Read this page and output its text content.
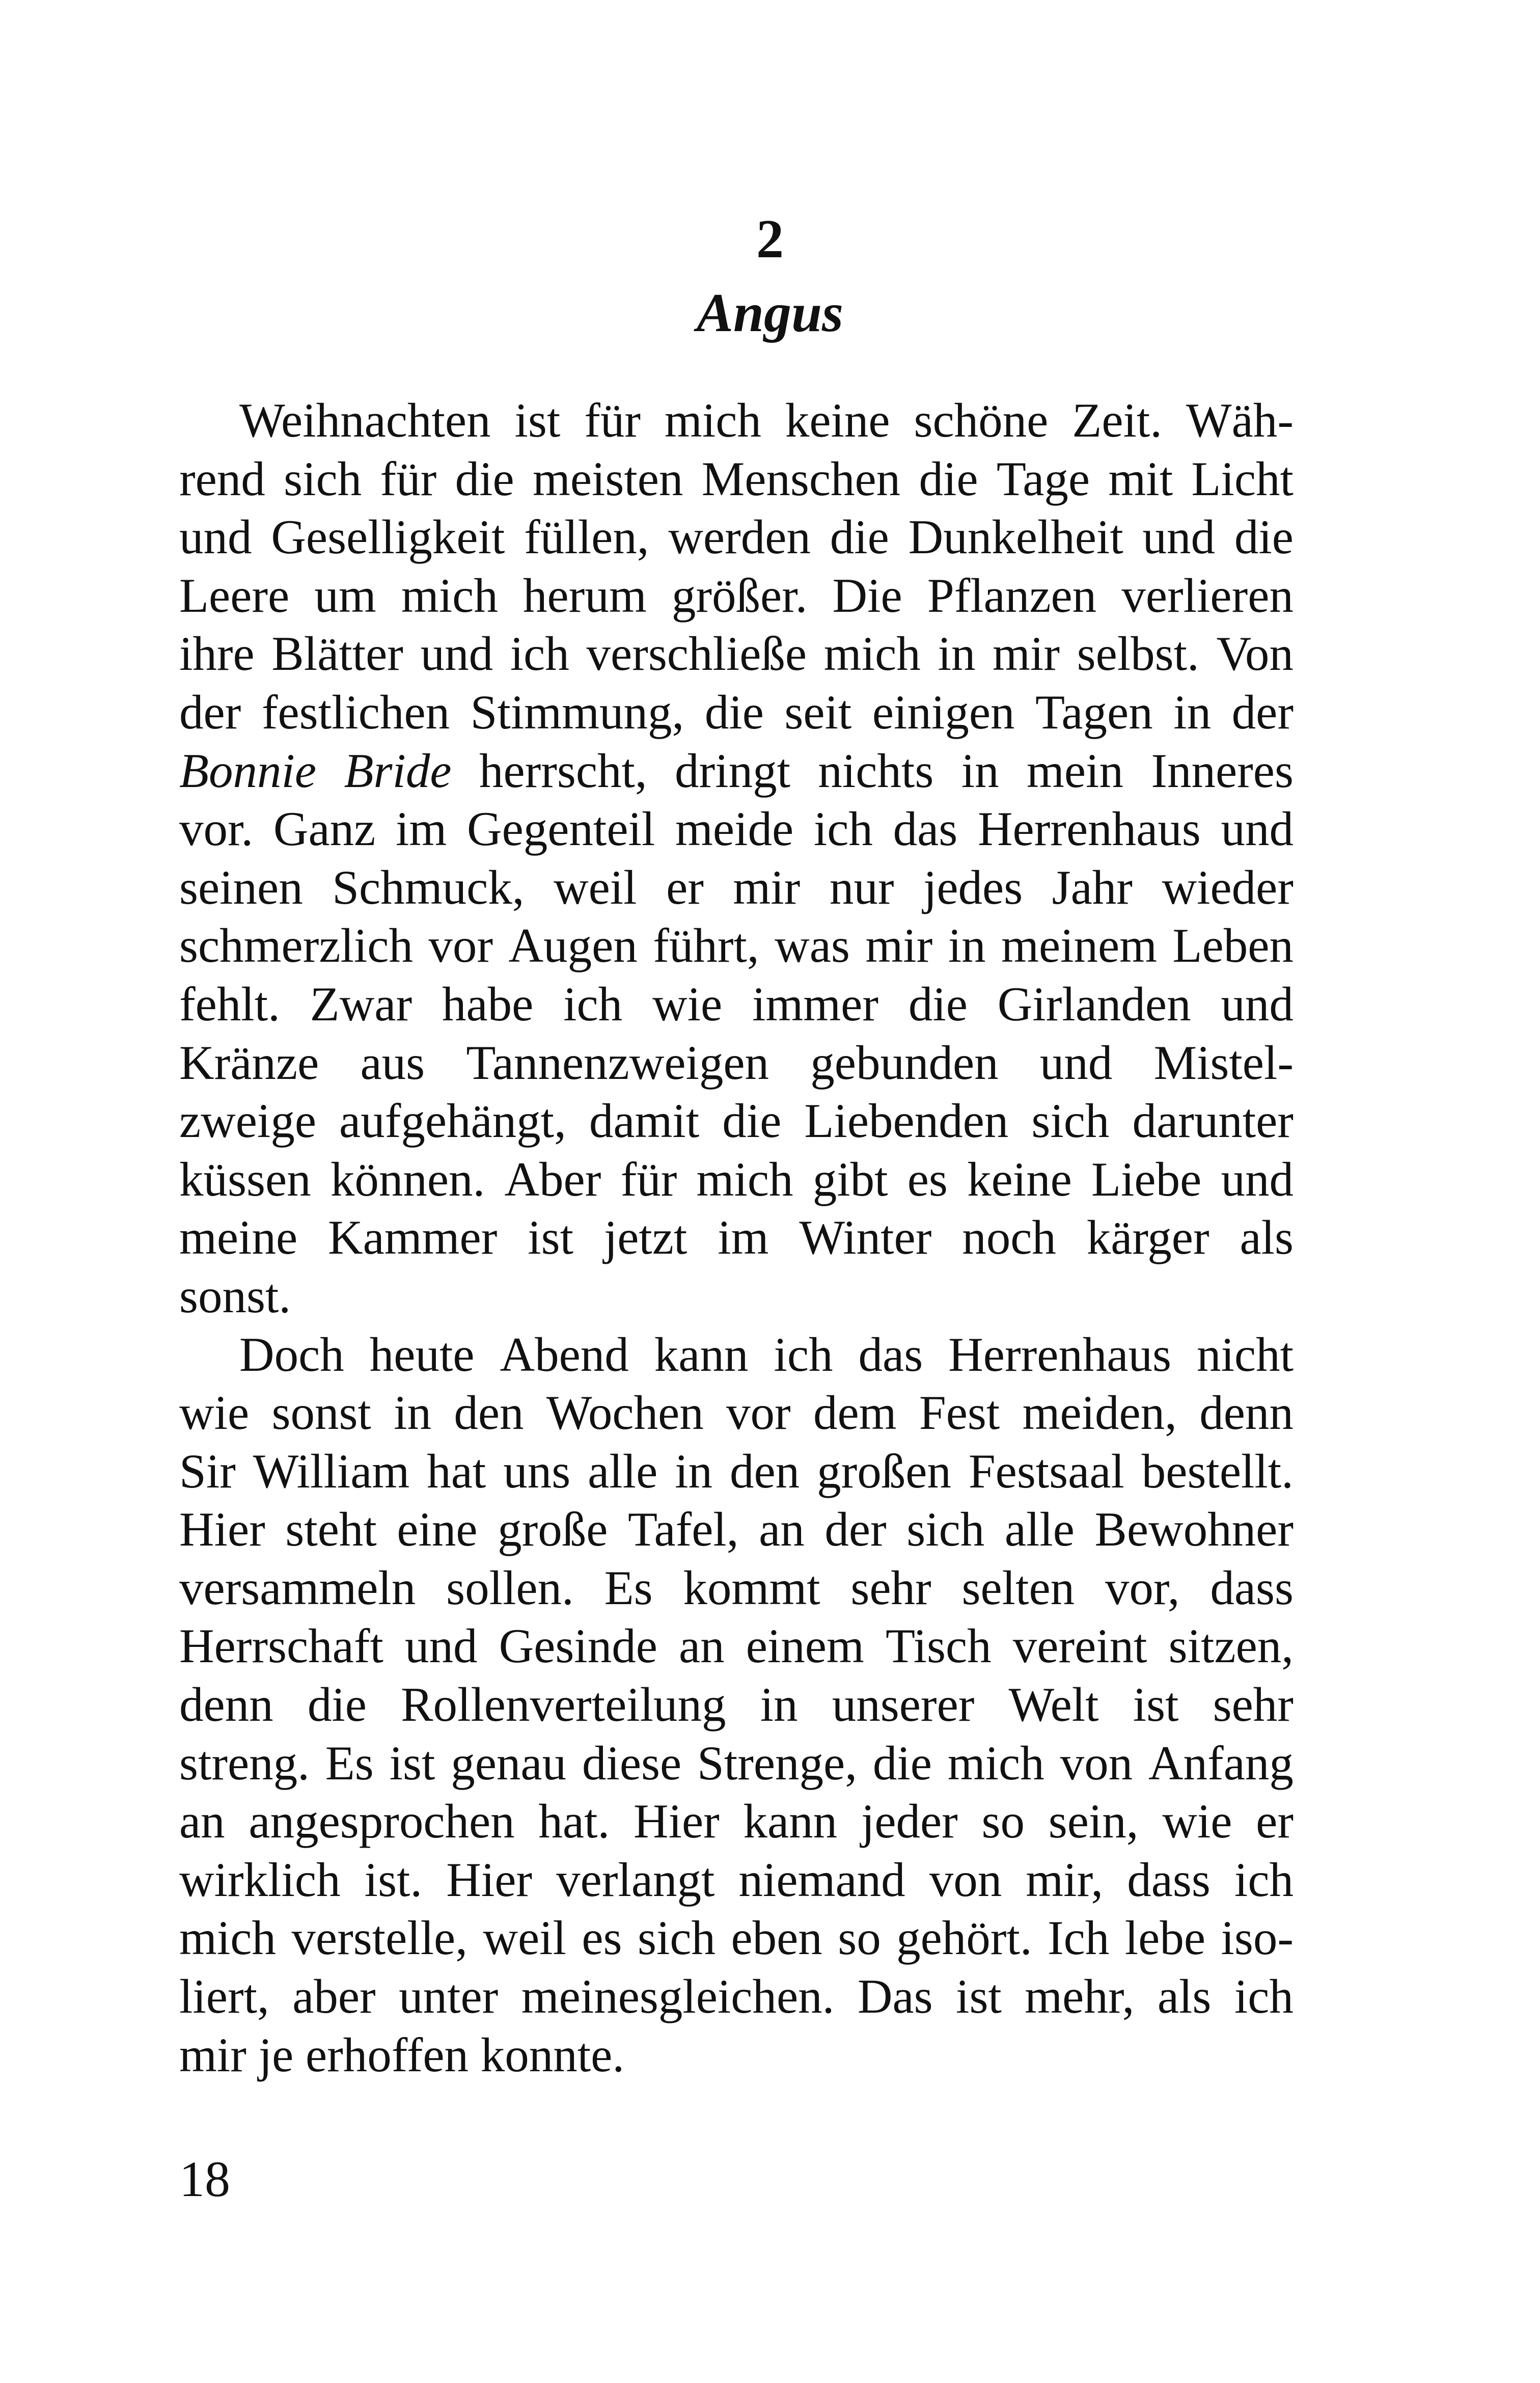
2
Angus
Weihnachten ist für mich keine schöne Zeit. Wäh-
rend sich für die meisten Menschen die Tage mit Licht
und Geselligkeit füllen, werden die Dunkelheit und die
Leere um mich herum größer. Die Pflanzen verlieren
ihre Blätter und ich verschließe mich in mir selbst. Von
der festlichen Stimmung, die seit einigen Tagen in der
Bonnie Bride herrscht, dringt nichts in mein Inneres
vor. Ganz im Gegenteil meide ich das Herrenhaus und
seinen Schmuck, weil er mir nur jedes Jahr wieder
schmerzlich vor Augen führt, was mir in meinem Leben
fehlt. Zwar habe ich wie immer die Girlanden und
Kränze aus Tannenzweigen gebunden und Mistel-
zweige aufgehängt, damit die Liebenden sich darunter
küssen können. Aber für mich gibt es keine Liebe und
meine Kammer ist jetzt im Winter noch kärger als
sonst.
Doch heute Abend kann ich das Herrenhaus nicht
wie sonst in den Wochen vor dem Fest meiden, denn
Sir William hat uns alle in den großen Festsaal bestellt.
Hier steht eine große Tafel, an der sich alle Bewohner
versammeln sollen. Es kommt sehr selten vor, dass
Herrschaft und Gesinde an einem Tisch vereint sitzen,
denn die Rollenverteilung in unserer Welt ist sehr
streng. Es ist genau diese Strenge, die mich von Anfang
an angesprochen hat. Hier kann jeder so sein, wie er
wirklich ist. Hier verlangt niemand von mir, dass ich
mich verstelle, weil es sich eben so gehört. Ich lebe iso-
liert, aber unter meinesgleichen. Das ist mehr, als ich
mir
je
erhoffen
konnte.
18
